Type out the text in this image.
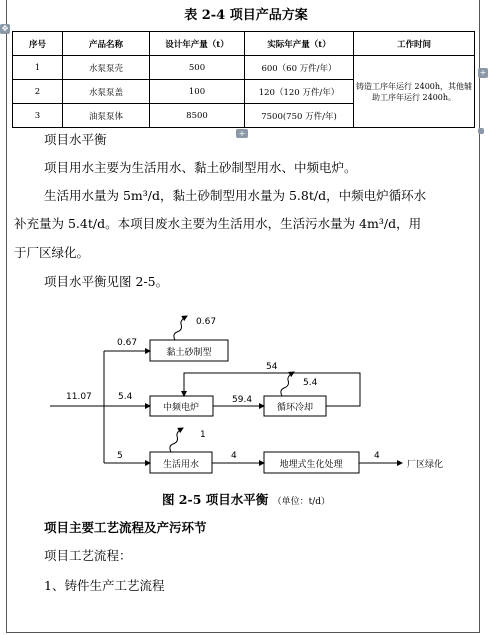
✥
+
+
表 2-4 项目产品方案
序号	产品名称	设计年产量（t）	实际年产量（t）	工作时间
1	水泵泵壳	500	600（60 万件/年）	铸造工序年运行 2400h，其他辅助工序年运行 2400h。
2	水泵泵盖	100	120（120 万件/年）	
3	油泵泵体	8500	7500(750 万件/年)	
项目水平衡
项目用水主要为生活用水、黏土砂制型用水、中频电炉。
生活用水量为 5m³/d，黏土砂制型用水量为 5.8t/d，中频电炉循环水
补充量为 5.4t/d。本项目废水主要为生活用水，生活污水量为 4m³/d，用
于厂区绿化。
项目水平衡见图 2-5。
11.07
0.67
0.67
5.4	59.4
5.4
54
5
1
4	4
黏土砂制型
中频电炉	循环冷却
生活用水	地埋式生化处理	厂区绿化
图 2-5 项目水平衡 （单位：t/d）
项目主要工艺流程及产污环节
项目工艺流程：
1、铸件生产工艺流程
